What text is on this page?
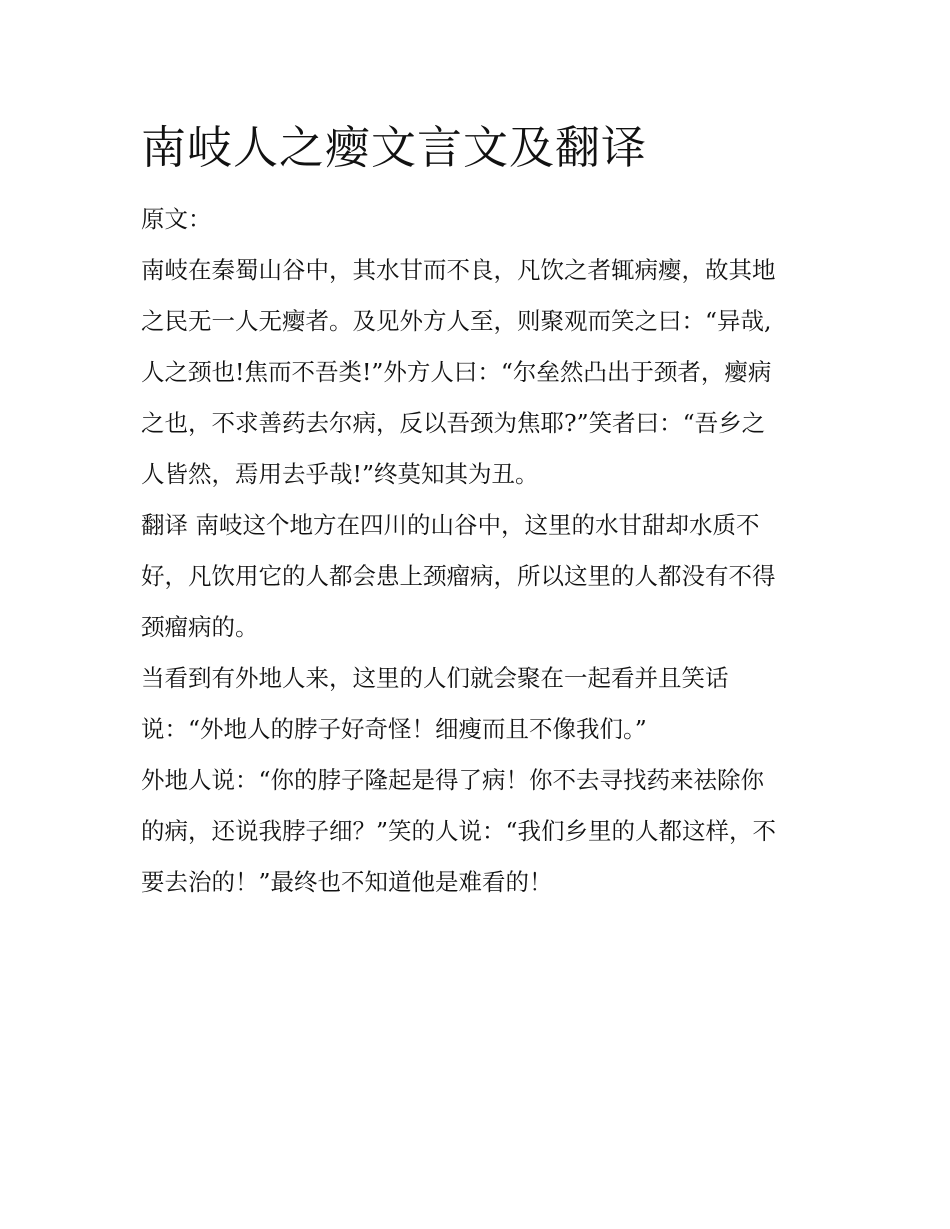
南岐人之瘿文言文及翻译

原文：

南岐在秦蜀山谷中，其水甘而不良，凡饮之者辄病瘿，故其地
之民无一人无瘿者。及见外方人至，则聚观而笑之曰：“异哉,
人之颈也!焦而不吾类!”外方人曰：“尔垒然凸出于颈者，瘿病
之也，不求善药去尔病，反以吾颈为焦耶?”笑者曰：“吾乡之
人皆然，焉用去乎哉!”终莫知其为丑。

翻译 南岐这个地方在四川的山谷中，这里的水甘甜却水质不
好，凡饮用它的人都会患上颈瘤病，所以这里的人都没有不得
颈瘤病的。

当看到有外地人来，这里的人们就会聚在一起看并且笑话
说：“外地人的脖子好奇怪！细瘦而且不像我们。”

外地人说：“你的脖子隆起是得了病！你不去寻找药来祛除你
的病，还说我脖子细？”笑的人说：“我们乡里的人都这样，不
要去治的！”最终也不知道他是难看的！
